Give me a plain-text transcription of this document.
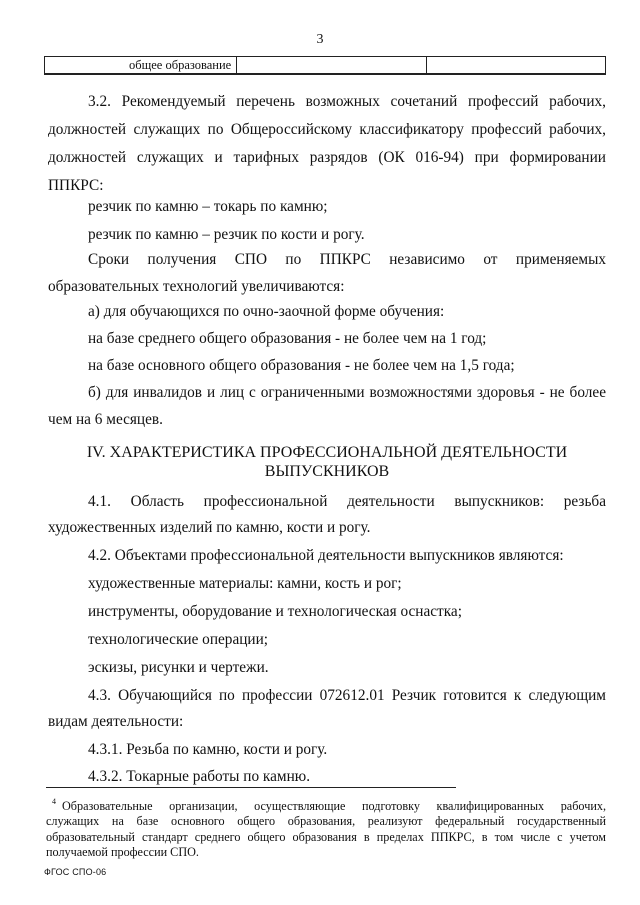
3
общее образование
3.2. Рекомендуемый перечень возможных сочетаний профессий рабочих,
должностей служащих по Общероссийскому классификатору профессий рабочих,
должностей служащих и тарифных разрядов (ОК 016-94) при формировании
ППКРС:
резчик по камню – токарь по камню;
резчик по камню – резчик по кости и рогу.
Сроки получения СПО по ППКРС независимо от применяемых
образовательных технологий увеличиваются:
а) для обучающихся по очно-заочной форме обучения:
на базе среднего общего образования - не более чем на 1 год;
на базе основного общего образования - не более чем на 1,5 года;
б) для инвалидов и лиц с ограниченными возможностями здоровья - не более
чем на 6 месяцев.
IV. ХАРАКТЕРИСТИКА ПРОФЕССИОНАЛЬНОЙ ДЕЯТЕЛЬНОСТИ
ВЫПУСКНИКОВ
4.1. Область профессиональной деятельности выпускников: резьба
художественных изделий по камню, кости и рогу.
4.2. Объектами профессиональной деятельности выпускников являются:
художественные материалы: камни, кость и рог;
инструменты, оборудование и технологическая оснастка;
технологические операции;
эскизы, рисунки и чертежи.
4.3. Обучающийся по профессии 072612.01 Резчик готовится к следующим
видам деятельности:
4.3.1. Резьба по камню, кости и рогу.
4.3.2. Токарные работы по камню.
$^4$ Образовательные организации, осуществляющие подготовку квалифицированных рабочих,
служащих на базе основного общего образования, реализуют федеральный государственный
образовательный стандарт среднего общего образования в пределах ППКРС, в том числе с учетом
получаемой профессии СПО.
ФГОС СПО-06
